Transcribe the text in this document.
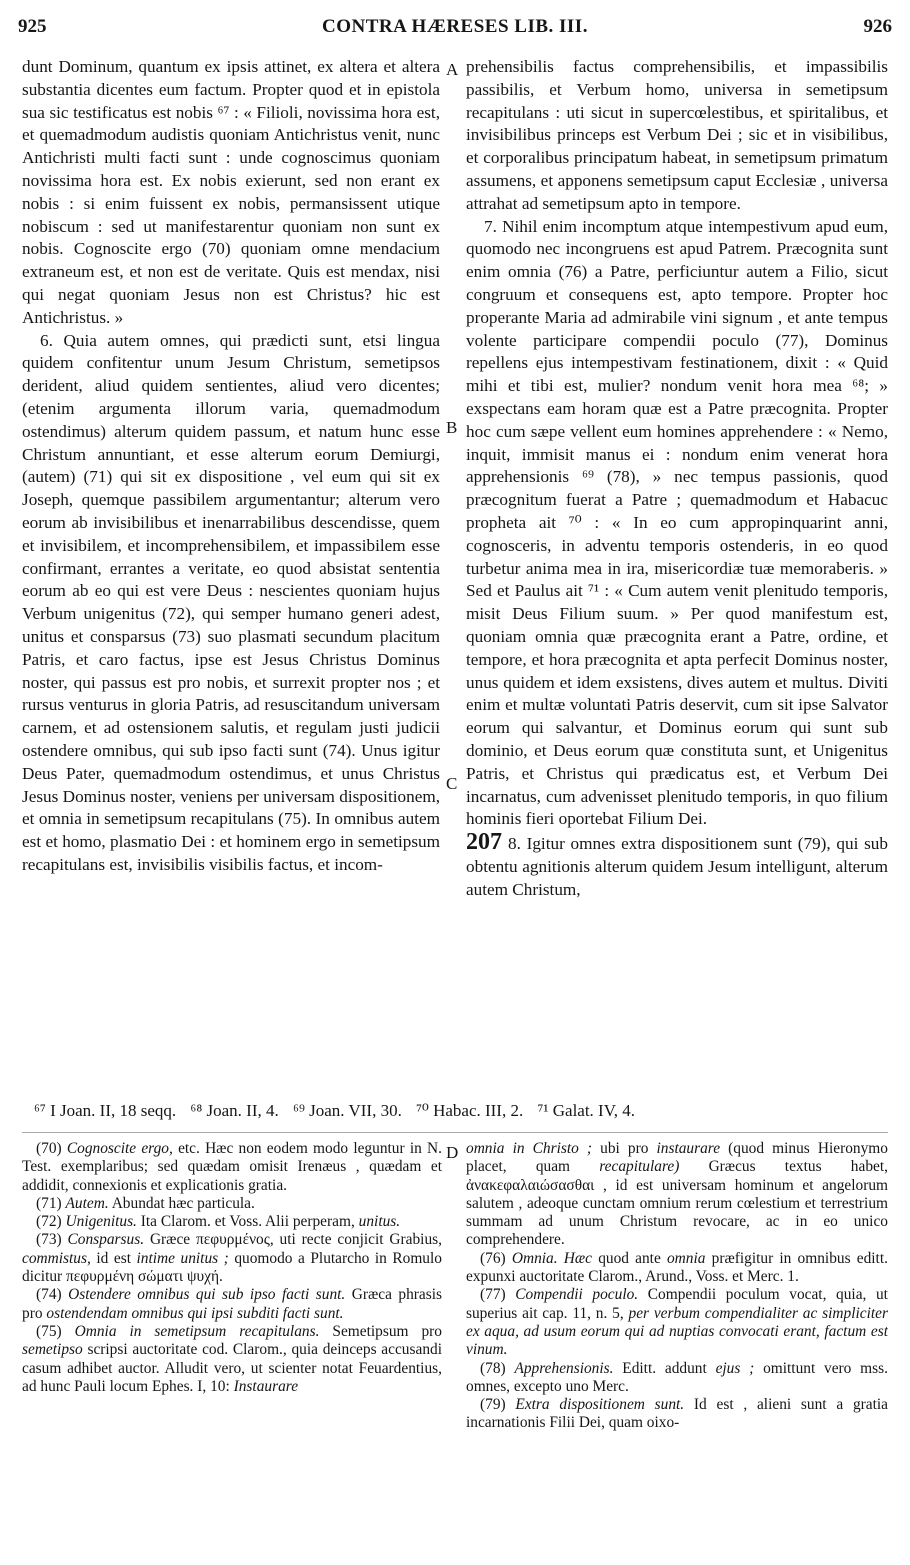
925	CONTRA HÆRESES LIB. III.	926
A
B
C
D

dunt Dominum, quantum ex ipsis attinet, ex altera et altera substantia dicentes eum factum. Propter quod et in epistola sua sic testificatus est nobis ⁶⁷ : « Filioli, novissima hora est, et quemadmodum audistis quoniam Antichristus venit, nunc Antichristi multi facti sunt : unde cognoscimus quoniam novissima hora est. Ex nobis exierunt, sed non erant ex nobis : si enim fuissent ex nobis, permansissent utique nobiscum : sed ut manifestarentur quoniam non sunt ex nobis. Cognoscite ergo (70) quoniam omne mendacium extraneum est, et non est de veritate. Quis est mendax, nisi qui negat quoniam Jesus non est Christus? hic est Antichristus. »

6. Quia autem omnes, qui prædicti sunt, etsi lingua quidem confitentur unum Jesum Christum, semetipsos derident, aliud quidem sentientes, aliud vero dicentes; (etenim argumenta illorum varia, quemadmodum ostendimus) alterum quidem passum, et natum hunc esse Christum annuntiant, et esse alterum eorum Demiurgi, (autem) (71) qui sit ex dispositione , vel eum qui sit ex Joseph, quemque passibilem argumentantur; alterum vero eorum ab invisibilibus et inenarrabilibus descendisse, quem et invisibilem, et incomprehensibilem, et impassibilem esse confirmant, errantes a veritate, eo quod absistat sententia eorum ab eo qui est vere Deus : nescientes quoniam hujus Verbum unigenitus (72), qui semper humano generi adest, unitus et consparsus (73) suo plasmati secundum placitum Patris, et caro factus, ipse est Jesus Christus Dominus noster, qui passus est pro nobis, et surrexit propter nos ; et rursus venturus in gloria Patris, ad resuscitandum universam carnem, et ad ostensionem salutis, et regulam justi judicii ostendere omnibus, qui sub ipso facti sunt (74). Unus igitur Deus Pater, quemadmodum ostendimus, et unus Christus Jesus Dominus noster, veniens per universam dispositionem, et omnia in semetipsum recapitulans (75). In omnibus autem est et homo, plasmatio Dei : et hominem ergo in semetipsum recapitulans est, invisibilis visibilis factus, et incom-

prehensibilis factus comprehensibilis, et impassibilis passibilis, et Verbum homo, universa in semetipsum recapitulans : uti sicut in supercœlestibus, et spiritalibus, et invisibilibus princeps est Verbum Dei ; sic et in visibilibus, et corporalibus principatum habeat, in semetipsum primatum assumens, et apponens semetipsum caput Ecclesiæ , universa attrahat ad semetipsum apto in tempore.

7. Nihil enim incomptum atque intempestivum apud eum, quomodo nec incongruens est apud Patrem. Præcognita sunt enim omnia (76) a Patre, perficiuntur autem a Filio, sicut congruum et consequens est, apto tempore. Propter hoc properante Maria ad admirabile vini signum , et ante tempus volente participare compendii poculo (77), Dominus repellens ejus intempestivam festinationem, dixit : « Quid mihi et tibi est, mulier? nondum venit hora mea ⁶⁸; » exspectans eam horam quæ est a Patre præcognita. Propter hoc cum sæpe vellent eum homines apprehendere : « Nemo, inquit, immisit manus ei : nondum enim venerat hora apprehensionis ⁶⁹ (78), » nec tempus passionis, quod præcognitum fuerat a Patre ; quemadmodum et Habacuc propheta ait ⁷⁰ : « In eo cum appropinquarint anni, cognosceris, in adventu temporis ostenderis, in eo quod turbetur anima mea in ira, misericordiæ tuæ memoraberis. » Sed et Paulus ait ⁷¹ : « Cum autem venit plenitudo temporis, misit Deus Filium suum. » Per quod manifestum est, quoniam omnia quæ præcognita erant a Patre, ordine, et tempore, et hora præcognita et apta perfecit Dominus noster, unus quidem et idem exsistens, dives autem et multus. Diviti enim et multæ voluntati Patris deservit, cum sit ipse Salvator eorum qui salvantur, et Dominus eorum qui sunt sub dominio, et Deus eorum quæ constituta sunt, et Unigenitus Patris, et Christus qui prædicatus est, et Verbum Dei incarnatus, cum advenisset plenitudo temporis, in quo filium hominis fieri oportebat Filium Dei.

207 8. Igitur omnes extra dispositionem sunt (79), qui sub obtentu agnitionis alterum quidem Jesum intelligunt, alterum autem Christum,

⁶⁷ I Joan. II, 18 seqq. ⁶⁸ Joan. II, 4. ⁶⁹ Joan. VII, 30. ⁷⁰ Habac. III, 2. ⁷¹ Galat. IV, 4.

(70) Cognoscite ergo, etc. Hæc non eodem modo leguntur in N. Test. exemplaribus; sed quædam omisit Irenæus , quædam et addidit, connexionis et explicationis gratia.

(71) Autem. Abundat hæc particula.

(72) Unigenitus. Ita Clarom. et Voss. Alii perperam, unitus.

(73) Consparsus. Græce πεφυρμένος, uti recte conjicit Grabius, commistus, id est intime unitus ; quomodo a Plutarcho in Romulo dicitur πεφυρμένη σώματι ψυχή.

(74) Ostendere omnibus qui sub ipso facti sunt. Græca phrasis pro ostendendam omnibus qui ipsi subditi facti sunt.

(75) Omnia in semetipsum recapitulans. Semetipsum pro semetipso scripsi auctoritate cod. Clarom., quia deinceps accusandi casum adhibet auctor. Alludit vero, ut scienter notat Feuardentius, ad hunc Pauli locum Ephes. I, 10: Instaurare

omnia in Christo ; ubi pro instaurare (quod minus Hieronymo placet, quam recapitulare) Græcus textus habet, ἀνακεφαλαιώσασθαι , id est universam hominum et angelorum salutem , adeoque cunctam omnium rerum cœlestium et terrestrium summam ad unum Christum revocare, ac in eo unico comprehendere.

(76) Omnia. Hæc quod ante omnia præfigitur in omnibus editt. expunxi auctoritate Clarom., Arund., Voss. et Merc. 1.

(77) Compendii poculo. Compendii poculum vocat, quia, ut superius ait cap. 11, n. 5, per verbum compendialiter ac simpliciter ex aqua, ad usum eorum qui ad nuptias convocati erant, factum est vinum.

(78) Apprehensionis. Editt. addunt ejus ; omittunt vero mss. omnes, excepto uno Merc.

(79) Extra dispositionem sunt. Id est , alieni sunt a gratia incarnationis Filii Dei, quam oixo-
